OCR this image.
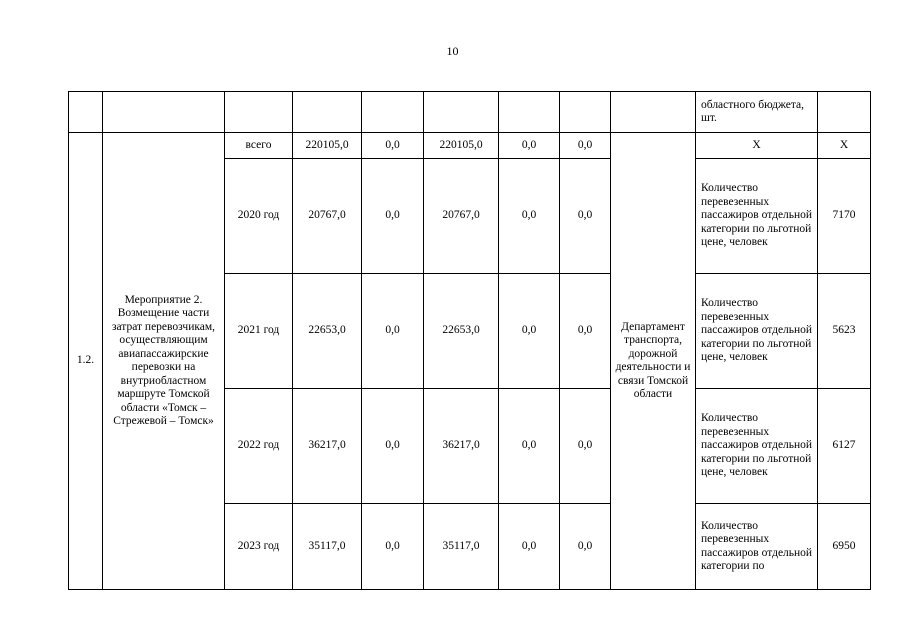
10
									областного бюджета, шт.	
1.2.	Мероприятие 2. Возмещение части затрат перевозчикам, осуществляющим авиапассажирские перевозки на внутриобластном маршруте Томской области «Томск – Стрежевой – Томск»	всего	220105,0	0,0	220105,0	0,0	0,0	Департамент транспорта, дорожной деятельности и связи Томской области	Х	Х
		2020 год	20767,0	0,0	20767,0	0,0	0,0		Количество перевезенных пассажиров отдельной категории по льготной цене, человек	7170
		2021 год	22653,0	0,0	22653,0	0,0	0,0		Количество перевезенных пассажиров отдельной категории по льготной цене, человек	5623
		2022 год	36217,0	0,0	36217,0	0,0	0,0		Количество перевезенных пассажиров отдельной категории по льготной цене, человек	6127
		2023 год	35117,0	0,0	35117,0	0,0	0,0		Количество перевезенных пассажиров отдельной категории по	6950
